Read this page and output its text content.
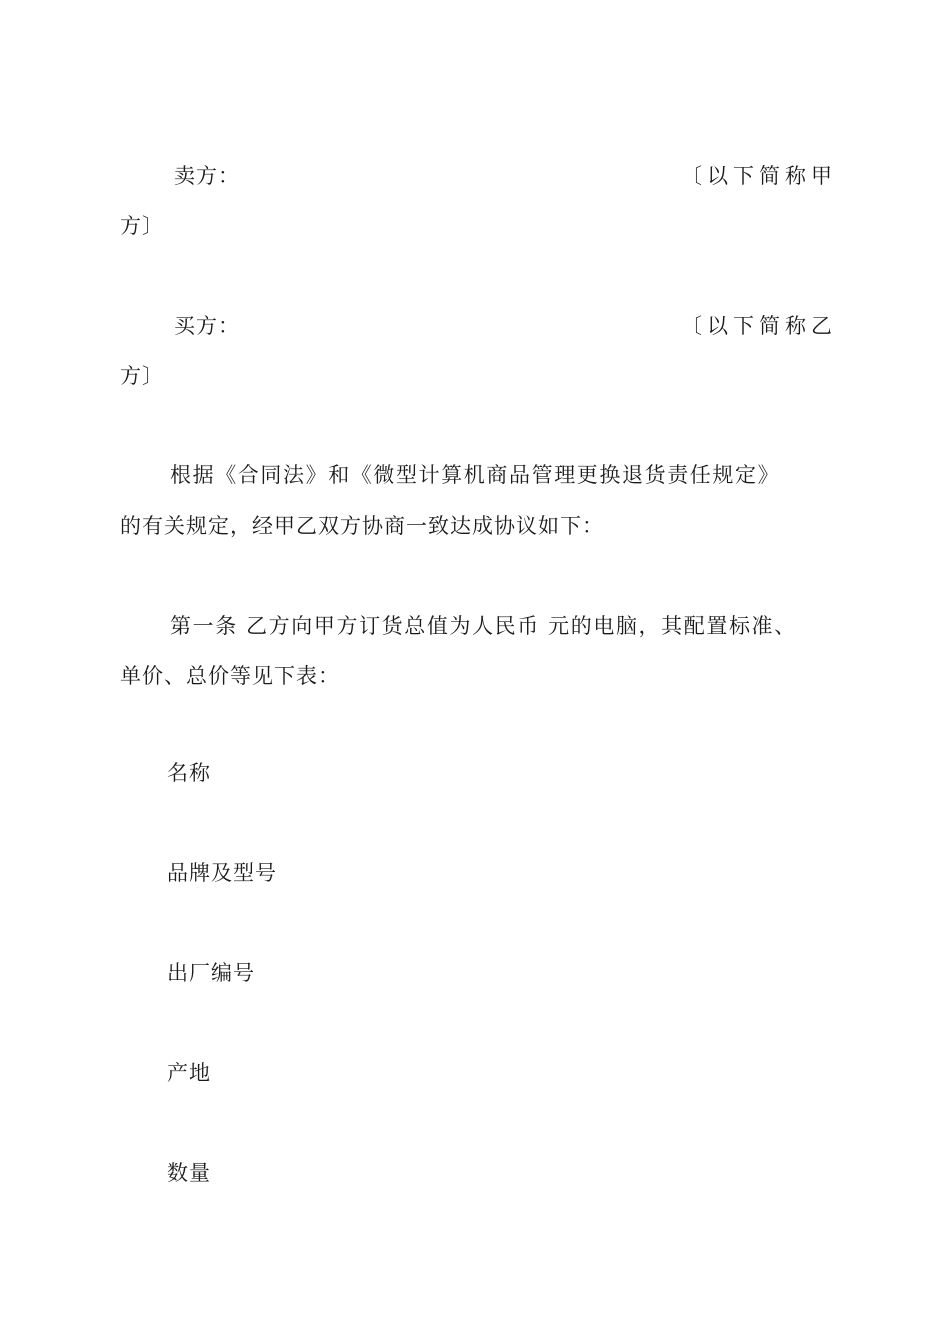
卖方：	〔以下简称甲
方〕
买方：	〔以下简称乙
方〕
根据《合同法》和《微型计算机商品管理更换退货责任规定》
的有关规定，经甲乙双方协商一致达成协议如下：
第一条 乙方向甲方订货总值为人民币 元的电脑，其配置标准、
单价、总价等见下表：
名称
品牌及型号
出厂编号
产地
数量
